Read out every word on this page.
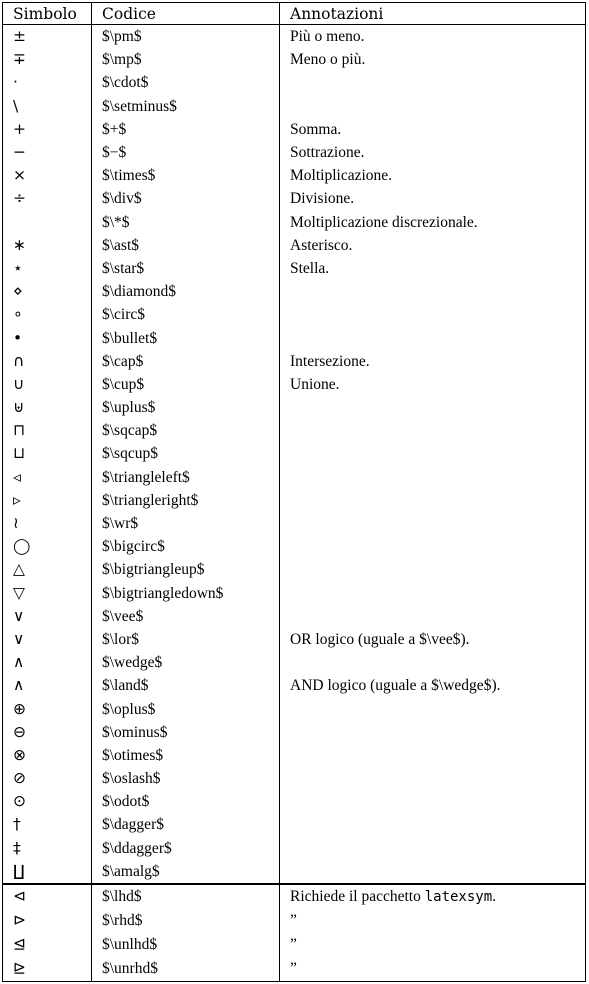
Simbolo	Codice	Annotazioni
±	$\pm$	Più o meno.
∓	$\mp$	Meno o più.
·	$\cdot$	
\	$\setminus$	
+	$+$	Somma.
−	$−$	Sottrazione.
×	$\times$	Moltiplicazione.
÷	$\div$	Divisione.
	$\*$	Moltiplicazione discrezionale.
∗	$\ast$	Asterisco.
⋆	$\star$	Stella.
⋄	$\diamond$	
∘	$\circ$	
•	$\bullet$	
∩	$\cap$	Intersezione.
∪	$\cup$	Unione.
⊎	$\uplus$	
⊓	$\sqcap$	
⊔	$\sqcup$	
◃	$\triangleleft$	
▹	$\triangleright$	
≀	$\wr$	
◯	$\bigcirc$	
△	$\bigtriangleup$	
▽	$\bigtriangledown$	
∨	$\vee$	
∨	$\lor$	OR logico (uguale a $\vee$).
∧	$\wedge$	
∧	$\land$	AND logico (uguale a $\wedge$).
⊕	$\oplus$	
⊖	$\ominus$	
⊗	$\otimes$	
⊘	$\oslash$	
⊙	$\odot$	
†	$\dagger$	
‡	$\ddagger$	
∐	$\amalg$	
⊲	$\lhd$	Richiede il pacchetto latexsym.
⊳	$\rhd$	”
⊴	$\unlhd$	”
⊵	$\unrhd$	”
